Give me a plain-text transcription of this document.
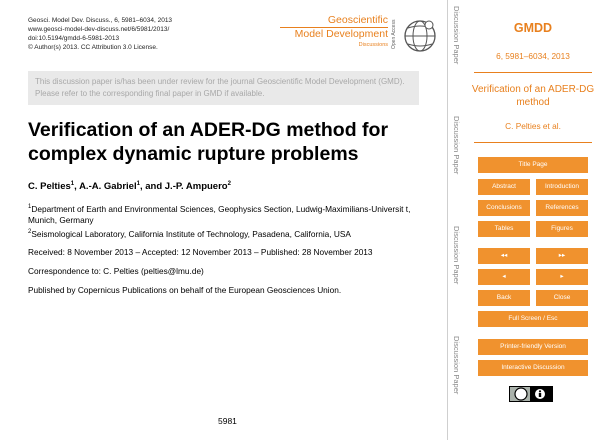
Geosci. Model Dev. Discuss., 6, 5981–6034, 2013
www.geosci-model-dev-discuss.net/6/5981/2013/
doi:10.5194/gmdd-6-5981-2013
© Author(s) 2013. CC Attribution 3.0 License.
Geoscientific
Model Development
Discussions Open Access
This discussion paper is/has been under review for the journal Geoscientific Model Development (GMD). Please refer to the corresponding final paper in GMD if available.
Verification of an ADER-DG method for complex dynamic rupture problems
C. Pelties$^1$, A.-A. Gabriel$^1$, and J.-P. Ampuero$^2$
$^1$Department of Earth and Environmental Sciences, Geophysics Section, Ludwig-Maximilians-Universit t, Munich, Germany
$^2$Seismological Laboratory, California Institute of Technology, Pasadena, California, USA
Received: 8 November 2013 – Accepted: 12 November 2013 – Published: 28 November 2013
Correspondence to: C. Pelties (pelties@lmu.de)
Published by Copernicus Publications on behalf of the European Geosciences Union.
5981
Discussion Paper
Discussion Paper
Discussion Paper
Discussion Paper
GMDD
6, 5981–6034, 2013
Verification of an ADER-DG method
C. Pelties et al.
Title Page
Abstract	Introduction
Conclusions	References
Tables	Figures
◂◂	▸▸
◂	▸
Back	Close
Full Screen / Esc
Printer-friendly Version
Interactive Discussion
